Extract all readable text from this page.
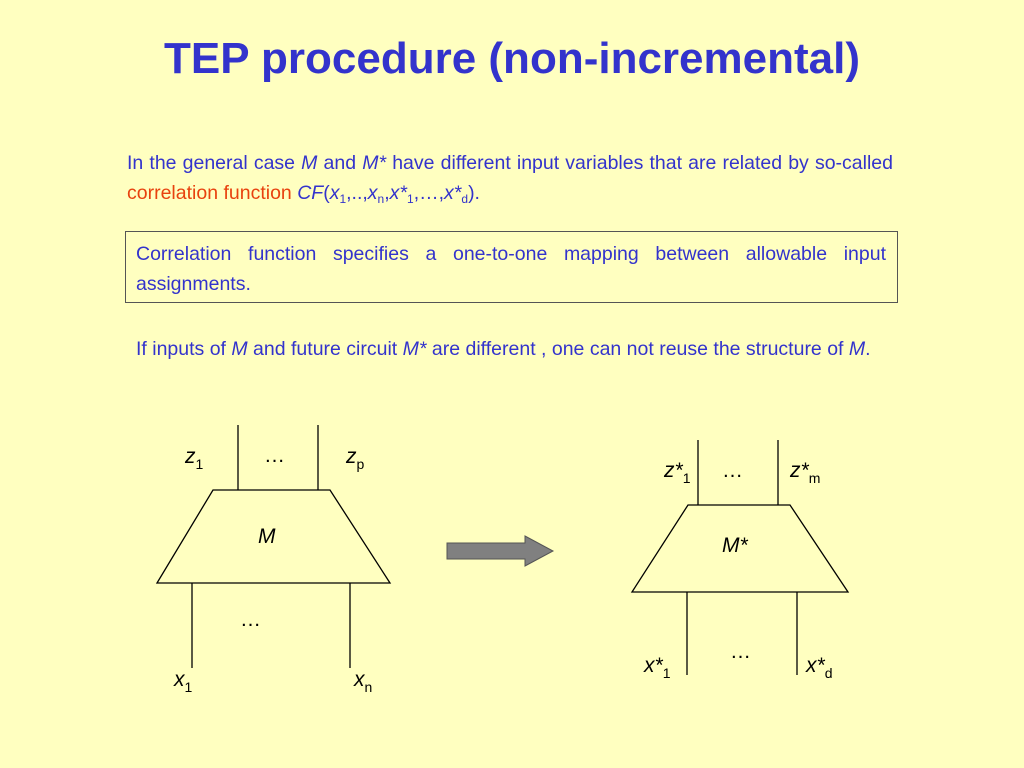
TEP procedure (non-incremental)

In the general case M and M* have different input variables that are related by so-called correlation function $CF(x_1,..,x_n,x*_1,\dots,x*_d)$.

Correlation function specifies a one-to-one mapping between allowable input assignments.

If inputs of M and future circuit M* are different , one can not reuse the structure of M.

M
$z_1$	…	$z_p$
…
$x_1$	$x_n$
M*
$z*_1$ … $z*_m$
…
$x*_1$	$x*_d$
